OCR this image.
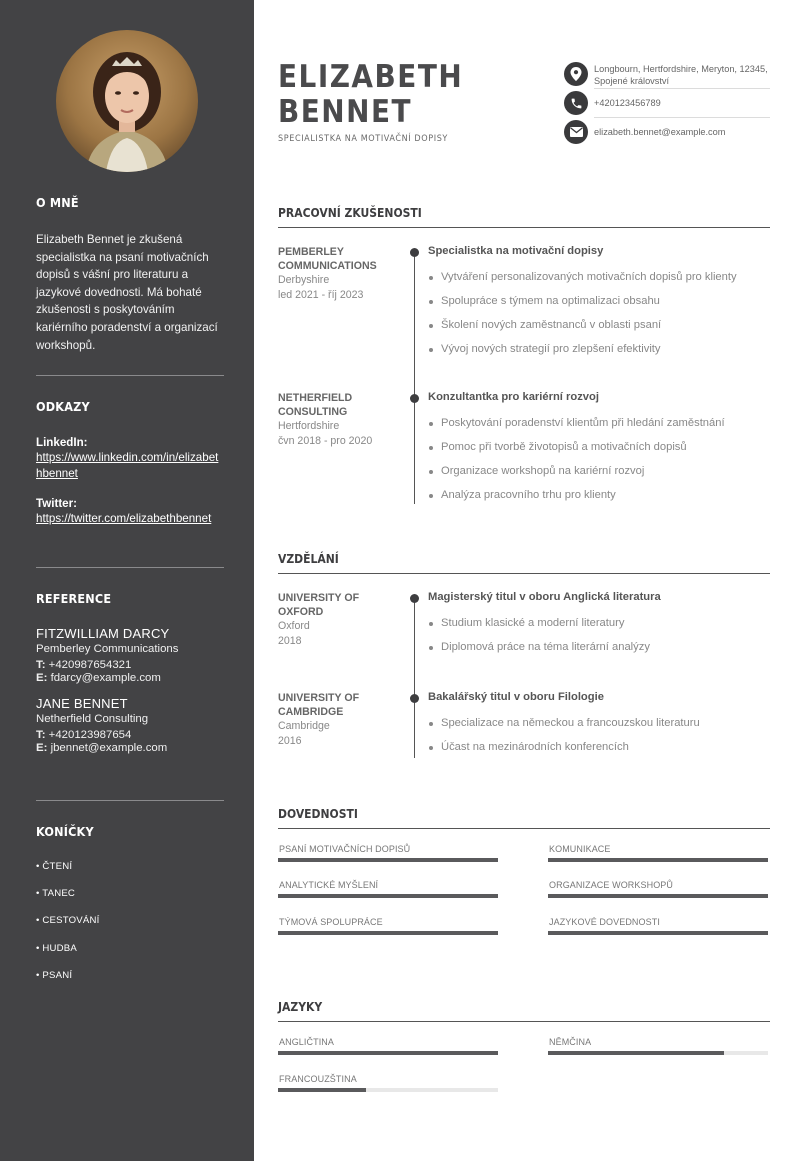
O MNĚ
Elizabeth Bennet je zkušená specialistka na psaní motivačních dopisů s vášní pro literaturu a jazykové dovednosti. Má bohaté zkušenosti s poskytováním kariérního poradenství a organizací workshopů.
ODKAZY
LinkedIn:
https://www.linkedin.com/in/elizabethbennet
Twitter:
https://twitter.com/elizabethbennet
REFERENCE
FITZWILLIAM DARCY
Pemberley Communications
T: +420987654321
E: fdarcy@example.com
JANE BENNET
Netherfield Consulting
T: +420123987654
E: jbennet@example.com
KONÍČKY
• ČTENÍ
• TANEC
• CESTOVÁNÍ
• HUDBA
• PSANÍ
ELIZABETH
BENNET
SPECIALISTKA NA MOTIVAČNÍ DOPISY
Longbourn, Hertfordshire, Meryton, 12345, Spojené království
+420123456789
elizabeth.bennet@example.com
PRACOVNÍ ZKUŠENOSTI
PEMBERLEY
COMMUNICATIONS
Derbyshire
led 2021 - říj 2023
Specialistka na motivační dopisy
Vytváření personalizovaných motivačních dopisů pro klienty
Spolupráce s týmem na optimalizaci obsahu
Školení nových zaměstnanců v oblasti psaní
Vývoj nových strategií pro zlepšení efektivity
NETHERFIELD
CONSULTING
Hertfordshire
čvn 2018 - pro 2020
Konzultantka pro kariérní rozvoj
Poskytování poradenství klientům při hledání zaměstnání
Pomoc při tvorbě životopisů a motivačních dopisů
Organizace workshopů na kariérní rozvoj
Analýza pracovního trhu pro klienty
VZDĚLÁNÍ
UNIVERSITY OF
OXFORD
Oxford
2018
Magisterský titul v oboru Anglická literatura
Studium klasické a moderní literatury
Diplomová práce na téma literární analýzy
UNIVERSITY OF
CAMBRIDGE
Cambridge
2016
Bakalářský titul v oboru Filologie
Specializace na německou a francouzskou literaturu
Účast na mezinárodních konferencích
DOVEDNOSTI
PSANÍ MOTIVAČNÍCH DOPISŮ	KOMUNIKACE
ANALYTICKÉ MYŠLENÍ	ORGANIZACE WORKSHOPŮ
TÝMOVÁ SPOLUPRÁCE	JAZYKOVÉ DOVEDNOSTI
JAZYKY
ANGLIČTINA	NĚMČINA
FRANCOUZŠTINA
